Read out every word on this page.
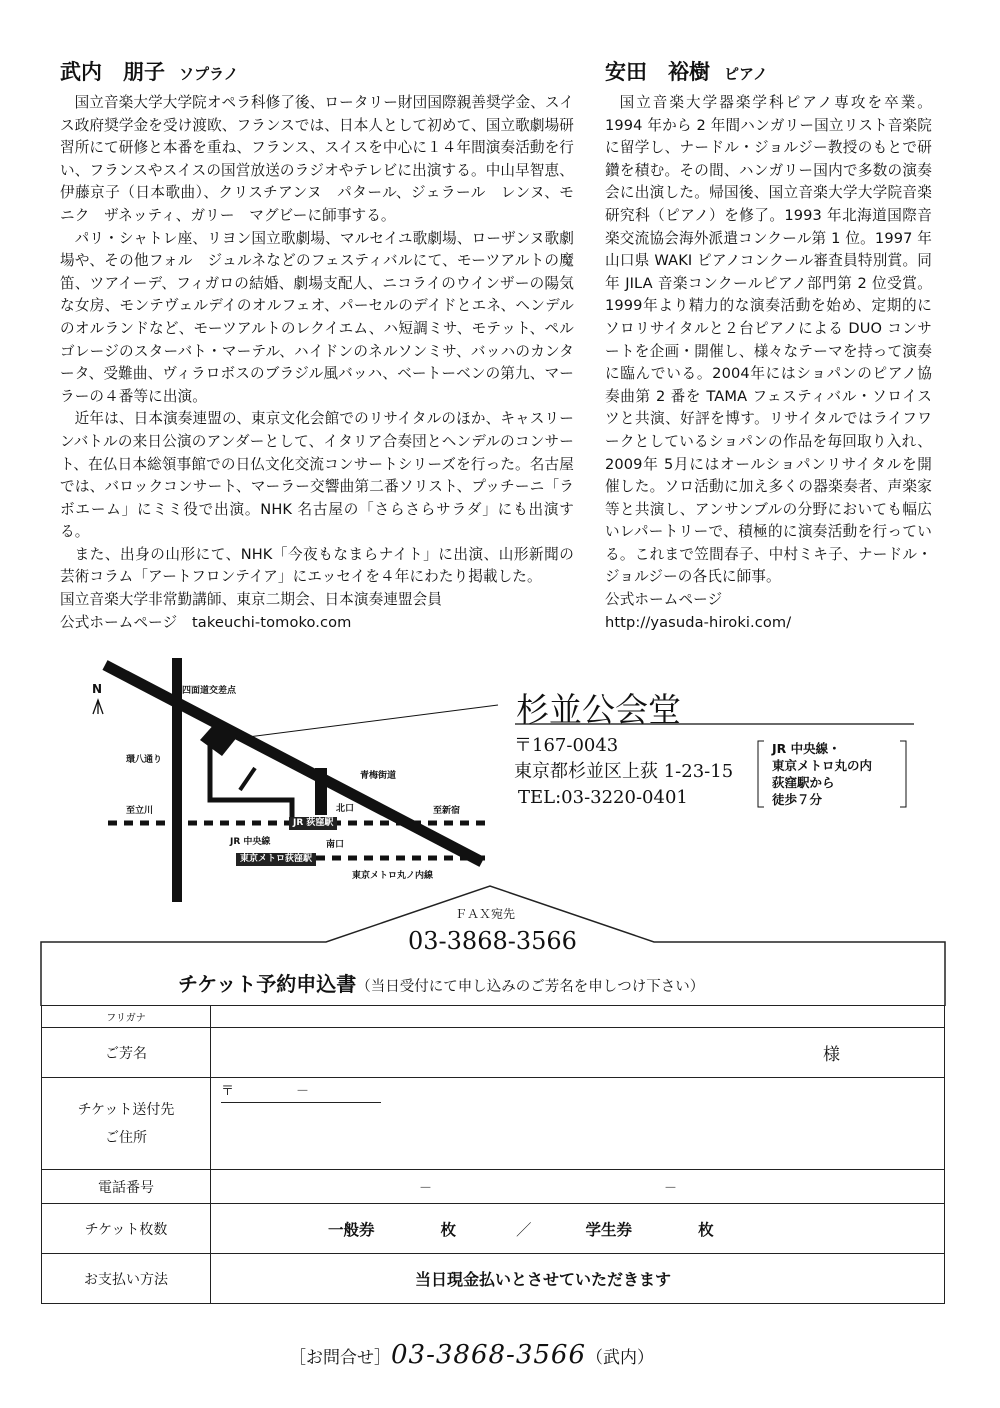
武内　朋子 ソプラノ

国立音楽大学大学院オペラ科修了後、ロータリー財団国際親善奨学金、スイス政府奨学金を受け渡欧、フランスでは、日本人として初めて、国立歌劇場研習所にて研修と本番を重ね、フランス、スイスを中心に１４年間演奏活動を行い、フランスやスイスの国営放送のラジオやテレビに出演する。中山早智恵、伊藤京子（日本歌曲）、クリスチアンヌ　パタール、ジェラール　レンヌ、モニク　ザネッティ、ガリー　マグビーに師事する。

パリ・シャトレ座、リヨン国立歌劇場、マルセイユ歌劇場、ローザンヌ歌劇場や、その他フォル　ジュルネなどのフェスティバルにて、モーツアルトの魔笛、ツアイーデ、フィガロの結婚、劇場支配人、ニコライのウインザーの陽気な女房、モンテヴェルデイのオルフェオ、パーセルのデイドとエネ、ヘンデルのオルランドなど、モーツアルトのレクイエム、ハ短調ミサ、モテット、ペルゴレージのスターバト・マーテル、ハイドンのネルソンミサ、バッハのカンタータ、受難曲、ヴィラロボスのブラジル風バッハ、ベートーベンの第九、マーラーの４番等に出演。

近年は、日本演奏連盟の、東京文化会館でのリサイタルのほか、キャスリーンバトルの来日公演のアンダーとして、イタリア合奏団とヘンデルのコンサート、在仏日本総領事館での日仏文化交流コンサートシリーズを行った。名古屋では、バロックコンサート、マーラー交響曲第二番ソリスト、プッチーニ「ラ　ボエーム」にミミ役で出演。NHK 名古屋の「さらさらサラダ」にも出演する。

また、出身の山形にて、NHK「今夜もなまらナイト」に出演、山形新聞の芸術コラム「アートフロンテイア」にエッセイを４年にわたり掲載した。

国立音楽大学非常勤講師、東京二期会、日本演奏連盟会員

公式ホームページ　 takeuchi-tomoko.com

安田　裕樹 ピアノ

国立音楽大学器楽学科ピアノ専攻を卒業。1994 年から 2 年間ハンガリー国立リスト音楽院に留学し、ナードル・ジョルジー教授のもとで研鑽を積む。その間、ハンガリー国内で多数の演奏会に出演した。帰国後、国立音楽大学大学院音楽研究科（ピアノ）を修了。1993 年北海道国際音楽交流協会海外派遣コンクール第 1 位。1997 年山口県 WAKI ピアノコンクール審査員特別賞。同年 JILA 音楽コンクールピアノ部門第 2 位受賞。1999年より精力的な演奏活動を始め、定期的にソロリサイタルと２台ピアノによる DUO コンサートを企画・開催し、様々なテーマを持って演奏に臨んでいる。2004年にはショパンのピアノ協奏曲第 2 番を TAMA フェスティバル・ソロイスツと共演、好評を博す。リサイタルではライフワークとしているショパンの作品を毎回取り入れ、2009年 5月にはオールショパンリサイタルを開催した。ソロ活動に加え多くの器楽奏者、声楽家等と共演し、アンサンブルの分野においても幅広いレパートリーで、積極的に演奏活動を行っている。これまで笠間春子、中村ミキ子、ナードル・ジョルジーの各氏に師事。

公式ホームページ

http://yasuda-hiroki.com/

N	四面道交差点
環八通り
青梅街道
至立川	至新宿
北口
JR 荻窪駅
JR 中央線	南口
東京メトロ荻窪駅
東京メトロ丸ノ内線
杉並公会堂
〒167-0043
東京都杉並区上荻 1-23-15
TEL:03-3220-0401
JR 中央線・
東京メトロ丸の内
荻窪駅から
徒歩７分
ＦＡＸ宛先
03-3868-3566
チケット予約申込書（当日受付にて申し込みのご芳名を申しつけ下さい）
フリガナ	
ご芳名	様

チケット送付先
ご住所	〒 －

電話番号	－ －
チケット枚数	一般券 枚 ／ 学生券 枚
お支払い方法	当日現金払いとさせていただきます
［お問合せ］03-3868-3566（武内）
